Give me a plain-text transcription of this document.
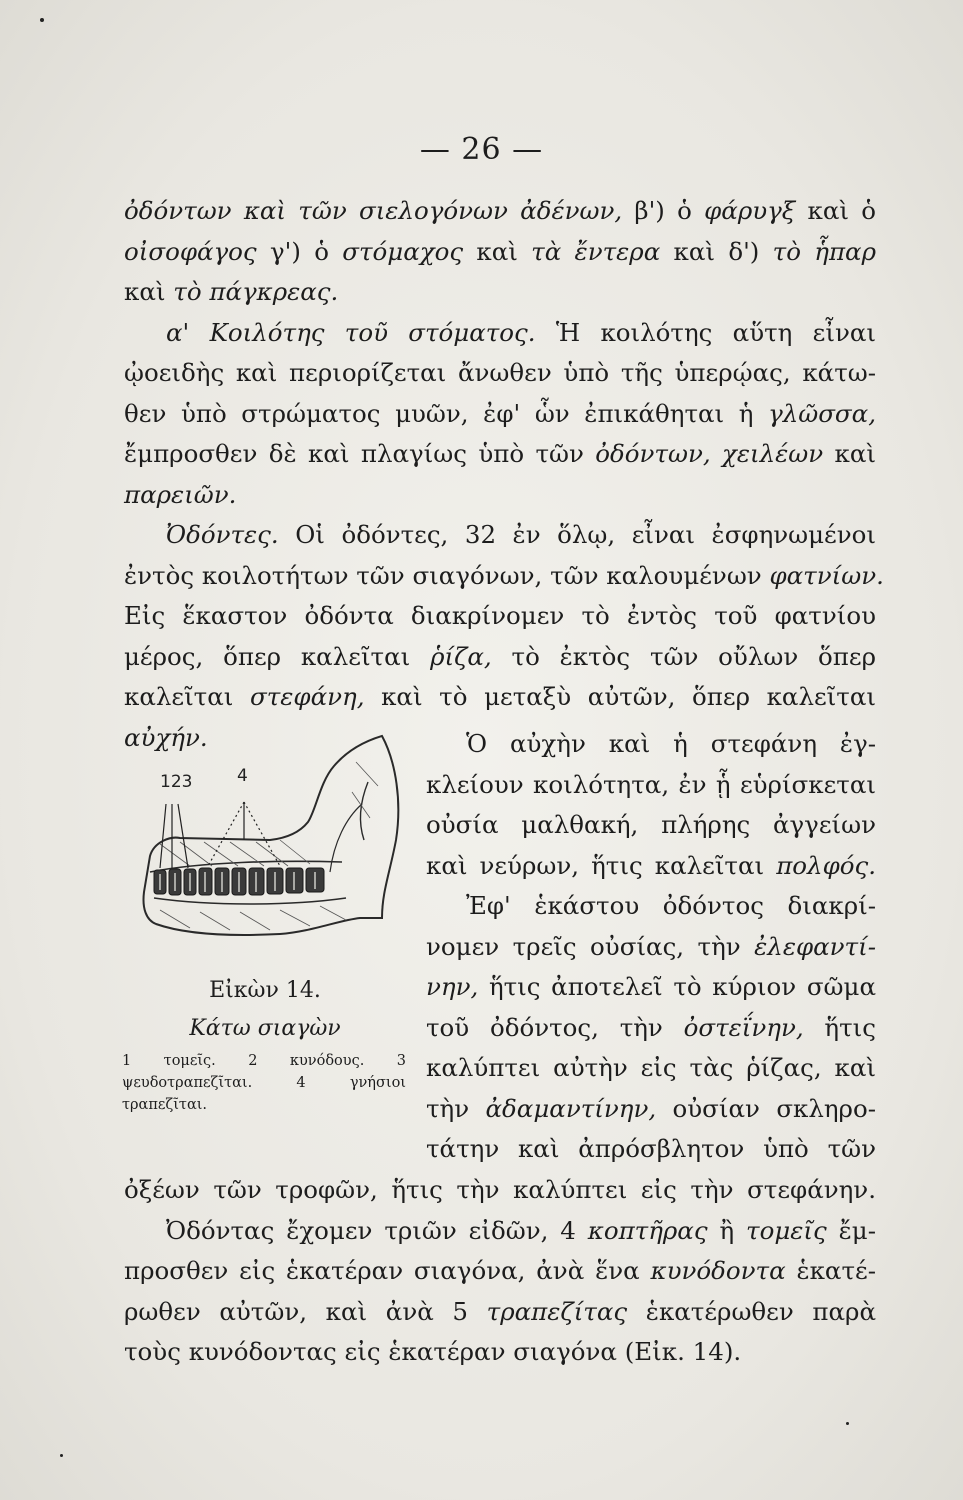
— 26 —
ὀδόντων καὶ τῶν σιελογόνων ἀδένων, β') ὁ φάρυγξ καὶ ὁ
οἰσοφάγος γ') ὁ στόμαχος καὶ τὰ ἔντερα καὶ δ') τὸ ἧπαρ
καὶ τὸ πάγκρεας.
α' Κοιλότης τοῦ στόματος. Ἡ κοιλότης αὕτη εἶναι
ᾠοειδὴς καὶ περιορίζεται ἄνωθεν ὑπὸ τῆς ὑπερῴας, κάτω-
θεν ὑπὸ στρώματος μυῶν, ἐφ' ὧν ἐπικάθηται ἡ γλῶσσα,
ἔμπροσθεν δὲ καὶ πλαγίως ὑπὸ τῶν ὀδόντων, χειλέων καὶ
παρειῶν.
Ὀδόντες. Οἱ ὀδόντες, 32 ἐν ὅλῳ, εἶναι ἐσφηνωμένοι
ἐντὸς κοιλοτήτων τῶν σιαγόνων, τῶν καλουμένων φατνίων.
Εἰς ἕκαστον ὀδόντα διακρίνομεν τὸ ἐντὸς τοῦ φατνίου
μέρος, ὅπερ καλεῖται ῥίζα, τὸ ἐκτὸς τῶν οὔλων ὅπερ
καλεῖται στεφάνη, καὶ τὸ μεταξὺ αὐτῶν, ὅπερ καλεῖται
αὐχήν.
123	4
Εἰκὼν 14.
Κάτω σιαγὼν
1 τομεῖς. 2 κυνόδους. 3
ψευδοτραπεζῖται. 4 γνήσιοι
τραπεζῖται.
Ὁ αὐχὴν καὶ ἡ στεφάνη ἐγ-
κλείουν κοιλότητα, ἐν ᾗ εὑρίσκεται
οὐσία μαλθακή, πλήρης ἀγγείων
καὶ νεύρων, ἥτις καλεῖται πολφός.
Ἐφ' ἑκάστου ὀδόντος διακρί-
νομεν τρεῖς οὐσίας, τὴν ἐλεφαντί-
νην, ἥτις ἀποτελεῖ τὸ κύριον σῶμα
τοῦ ὀδόντος, τὴν ὀστεΐνην, ἥτις
καλύπτει αὐτὴν εἰς τὰς ῥίζας, καὶ
τὴν ἀδαμαντίνην, οὐσίαν σκληρο-
τάτην καὶ ἀπρόσβλητον ὑπὸ τῶν
ὀξέων τῶν τροφῶν, ἥτις τὴν καλύπτει εἰς τὴν στεφάνην.
Ὀδόντας ἔχομεν τριῶν εἰδῶν, 4 κοπτῆρας ἢ τομεῖς ἔμ-
προσθεν εἰς ἑκατέραν σιαγόνα, ἀνὰ ἕνα κυνόδοντα ἑκατέ-
ρωθεν αὐτῶν, καὶ ἀνὰ 5 τραπεζίτας ἑκατέρωθεν παρὰ
τοὺς κυνόδοντας εἰς ἑκατέραν σιαγόνα (Εἰκ. 14).
